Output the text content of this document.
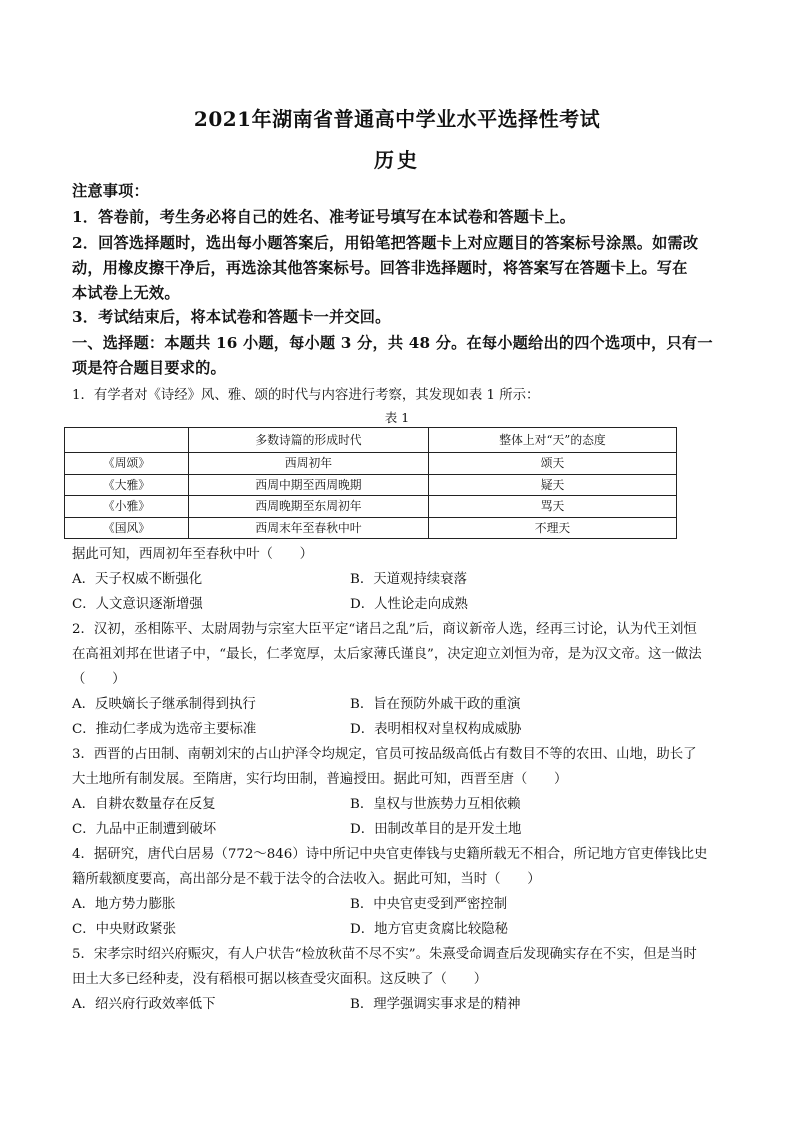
2021年湖南省普通高中学业水平选择性考试
历史
注意事项：
1．答卷前，考生务必将自己的姓名、准考证号填写在本试卷和答题卡上。
2．回答选择题时，选出每小题答案后，用铅笔把答题卡上对应题目的答案标号涂黑。如需改
动，用橡皮擦干净后，再选涂其他答案标号。回答非选择题时，将答案写在答题卡上。写在
本试卷上无效。
3．考试结束后，将本试卷和答题卡一并交回。
一、选择题：本题共 16 小题，每小题 3 分，共 48 分。在每小题给出的四个选项中，只有一
项是符合题目要求的。
1．有学者对《诗经》风、雅、颂的时代与内容进行考察，其发现如表 1 所示：
表 1
	多数诗篇的形成时代	整体上对“天”的态度
《周颂》	西周初年	颂天
《大雅》	西周中期至西周晚期	疑天
《小雅》	西周晚期至东周初年	骂天
《国风》	西周末年至春秋中叶	不理天
据此可知，西周初年至春秋中叶（　　）
A．天子权威不断强化	B．天道观持续衰落
C．人文意识逐渐增强	D．人性论走向成熟
2．汉初，丞相陈平、太尉周勃与宗室大臣平定“诸吕之乱”后，商议新帝人选，经再三讨论，认为代王刘恒
在高祖刘邦在世诸子中，“最长，仁孝宽厚，太后家薄氏谨良”，决定迎立刘恒为帝，是为汉文帝。这一做法
（　　）
A．反映嫡长子继承制得到执行	B．旨在预防外戚干政的重演
C．推动仁孝成为选帝主要标准	D．表明相权对皇权构成威胁
3．西晋的占田制、南朝刘宋的占山护泽令均规定，官员可按品级高低占有数目不等的农田、山地，助长了
大土地所有制发展。至隋唐，实行均田制，普遍授田。据此可知，西晋至唐（　　）
A．自耕农数量存在反复	B．皇权与世族势力互相依赖
C．九品中正制遭到破坏	D．田制改革目的是开发土地
4．据研究，唐代白居易（772～846）诗中所记中央官吏俸钱与史籍所载无不相合，所记地方官吏俸钱比史
籍所载额度要高，高出部分是不载于法令的合法收入。据此可知，当时（　　）
A．地方势力膨胀	B．中央官吏受到严密控制
C．中央财政紧张	D．地方官吏贪腐比较隐秘
5．宋孝宗时绍兴府赈灾，有人户状告“检放秋苗不尽不实”。朱熹受命调查后发现确实存在不实，但是当时
田土大多已经种麦，没有稻根可据以核查受灾面积。这反映了（　　）
A．绍兴府行政效率低下	B．理学强调实事求是的精神
